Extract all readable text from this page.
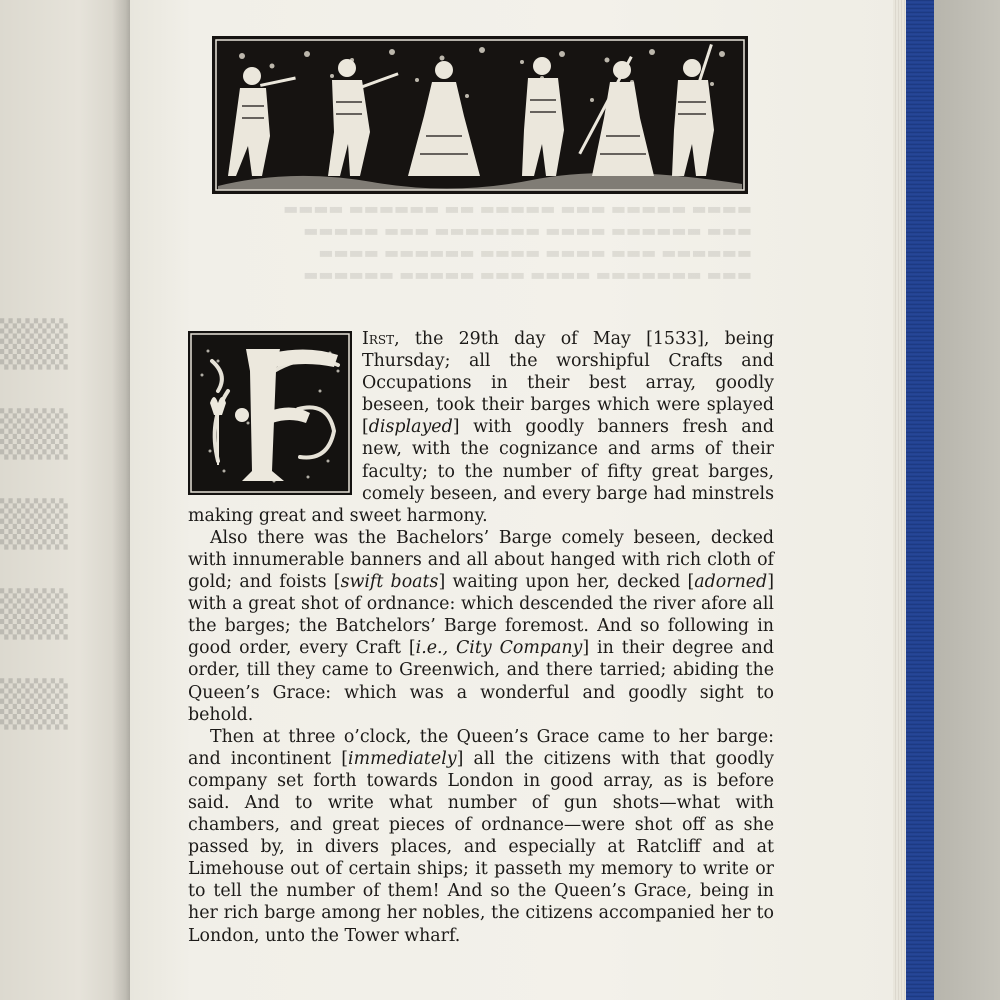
▒▒
▒▒
▒▒
▒▒
▒▒
▬▬▬▬ ▬▬▬▬▬ ▬▬▬ ▬▬▬▬▬ ▬▬ ▬▬▬▬▬▬ ▬▬▬▬
▬▬▬ ▬▬▬▬▬▬ ▬▬▬▬ ▬▬▬▬▬▬▬ ▬▬▬ ▬▬▬▬▬
▬▬▬▬▬▬ ▬▬▬ ▬▬▬▬ ▬▬▬▬ ▬▬▬▬▬▬ ▬▬▬▬
▬▬▬ ▬▬▬▬▬▬▬ ▬▬▬▬ ▬▬▬ ▬▬▬▬▬ ▬▬▬▬▬▬

Irst, the 29th day of May [1533], being Thursday; all the worshipful Crafts and Occupations in their best array, goodly beseen, took their barges which were splayed [displayed] with goodly banners fresh and new, with the cognizance and arms of their faculty; to the number of fifty great barges, comely beseen, and every barge had minstrels making great and sweet harmony.

Also there was the Bachelors’ Barge comely beseen, decked with innumerable banners and all about hanged with rich cloth of gold; and foists [swift boats] waiting upon her, decked [adorned] with a great shot of ordnance: which descended the river afore all the barges; the Batchelors’ Barge foremost. And so following in good order, every Craft [i.e., City Company] in their degree and order, till they came to Greenwich, and there tarried; abiding the Queen’s Grace: which was a wonderful and goodly sight to behold.

Then at three o’clock, the Queen’s Grace came to her barge: and incontinent [immediately] all the citizens with that goodly company set forth towards London in good array, as is before said. And to write what number of gun shots—what with chambers, and great pieces of ordnance—were shot off as she passed by, in divers places, and especially at Ratcliff and at Limehouse out of certain ships; it passeth my memory to write or to tell the number of them! And so the Queen’s Grace, being in her rich barge among her nobles, the citizens accompanied her to London, unto the Tower wharf.
